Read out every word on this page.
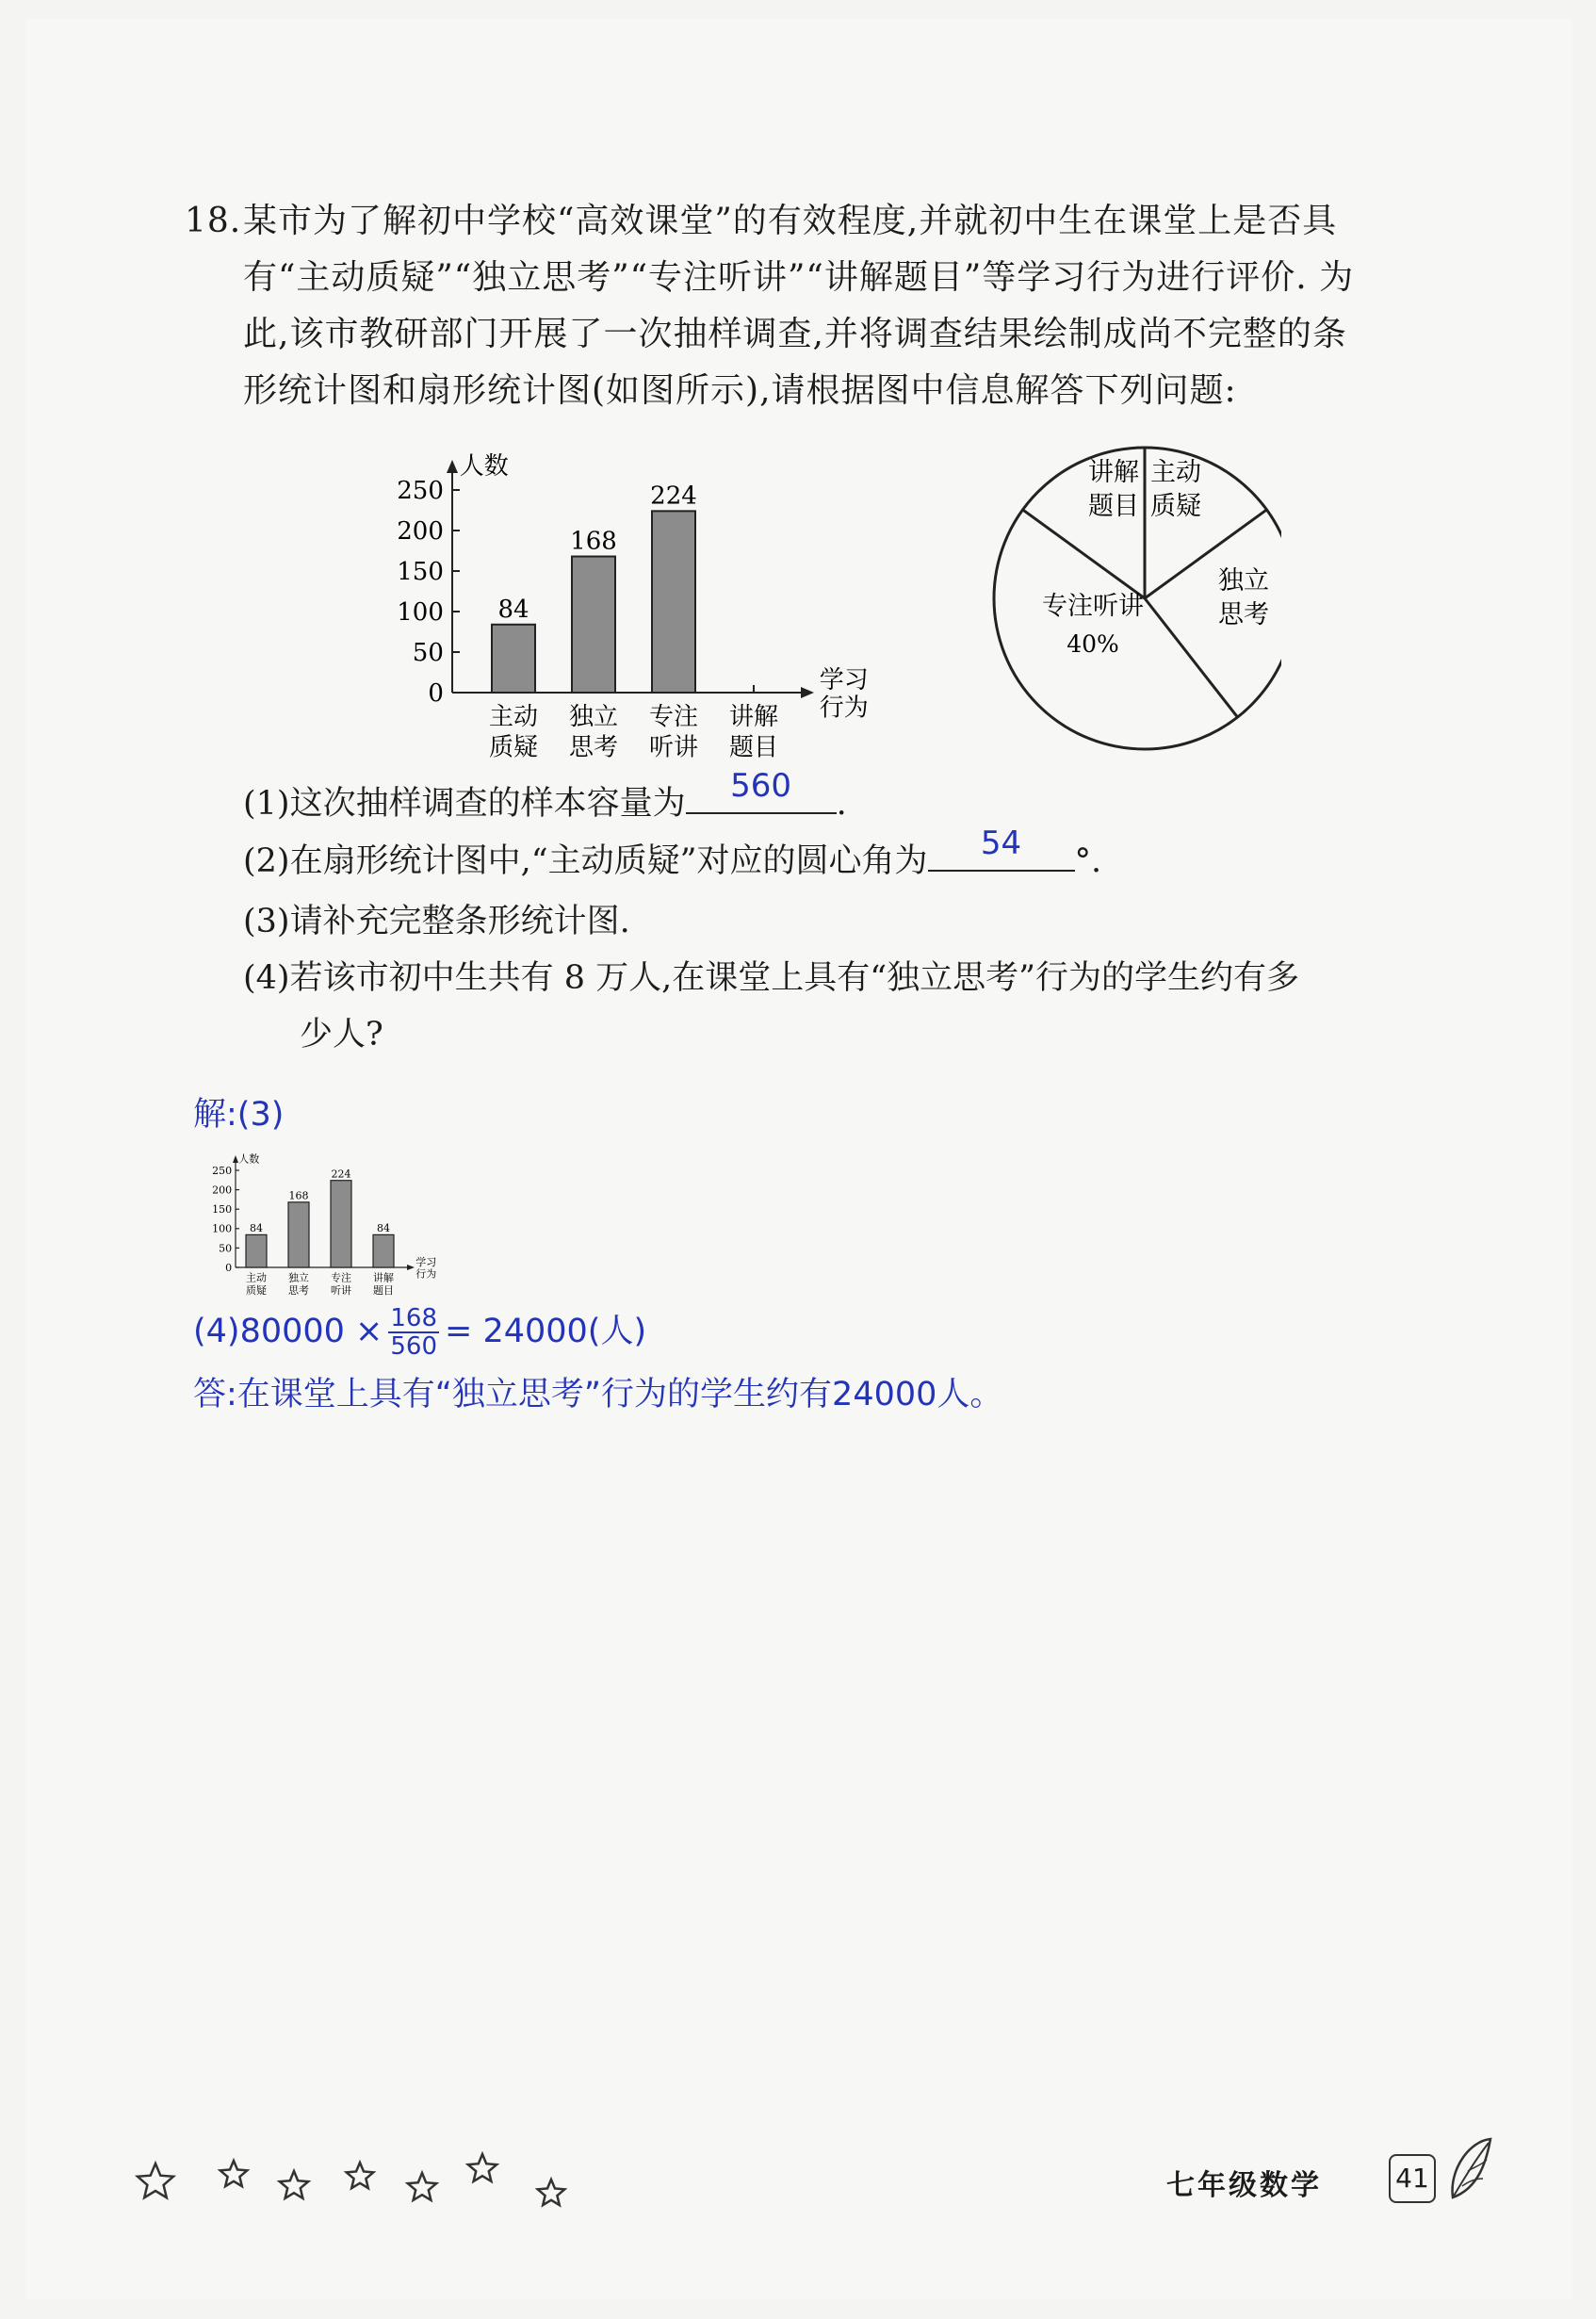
18. 某市为了解初中学校“高效课堂”的有效程度,并就初中生在课堂上是否具
有“主动质疑”“独立思考”“专注听讲”“讲解题目”等学习行为进行评价. 为
此,该市教研部门开展了一次抽样调查,并将调查结果绘制成尚不完整的条
形统计图和扇形统计图(如图所示),请根据图中信息解答下列问题:
人数
学习
行为
0
50
100
150
200
250
84
主动
质疑
168
独立
思考
224
专注
听讲
讲解
题目
主动
质疑
独立
思考
专注听讲
40%
讲解
题目
(1)这次抽样调查的样本容量为	560	.
(2)在扇形统计图中,“主动质疑”对应的圆心角为	54	°.
(3)请补充完整条形统计图.
(4)若该市初中生共有 8 万人,在课堂上具有“独立思考”行为的学生约有多
少人?
解:(3)
人数
学习
行为
0
50
100
150
200
250
84
主动
质疑
168
独立
思考
224
专注
听讲
84
讲解
题目
$(4)80000 \times \frac{168}{560} = 24000$(人)
答:在课堂上具有“独立思考”行为的学生约有24000人。
七年级数学	41
